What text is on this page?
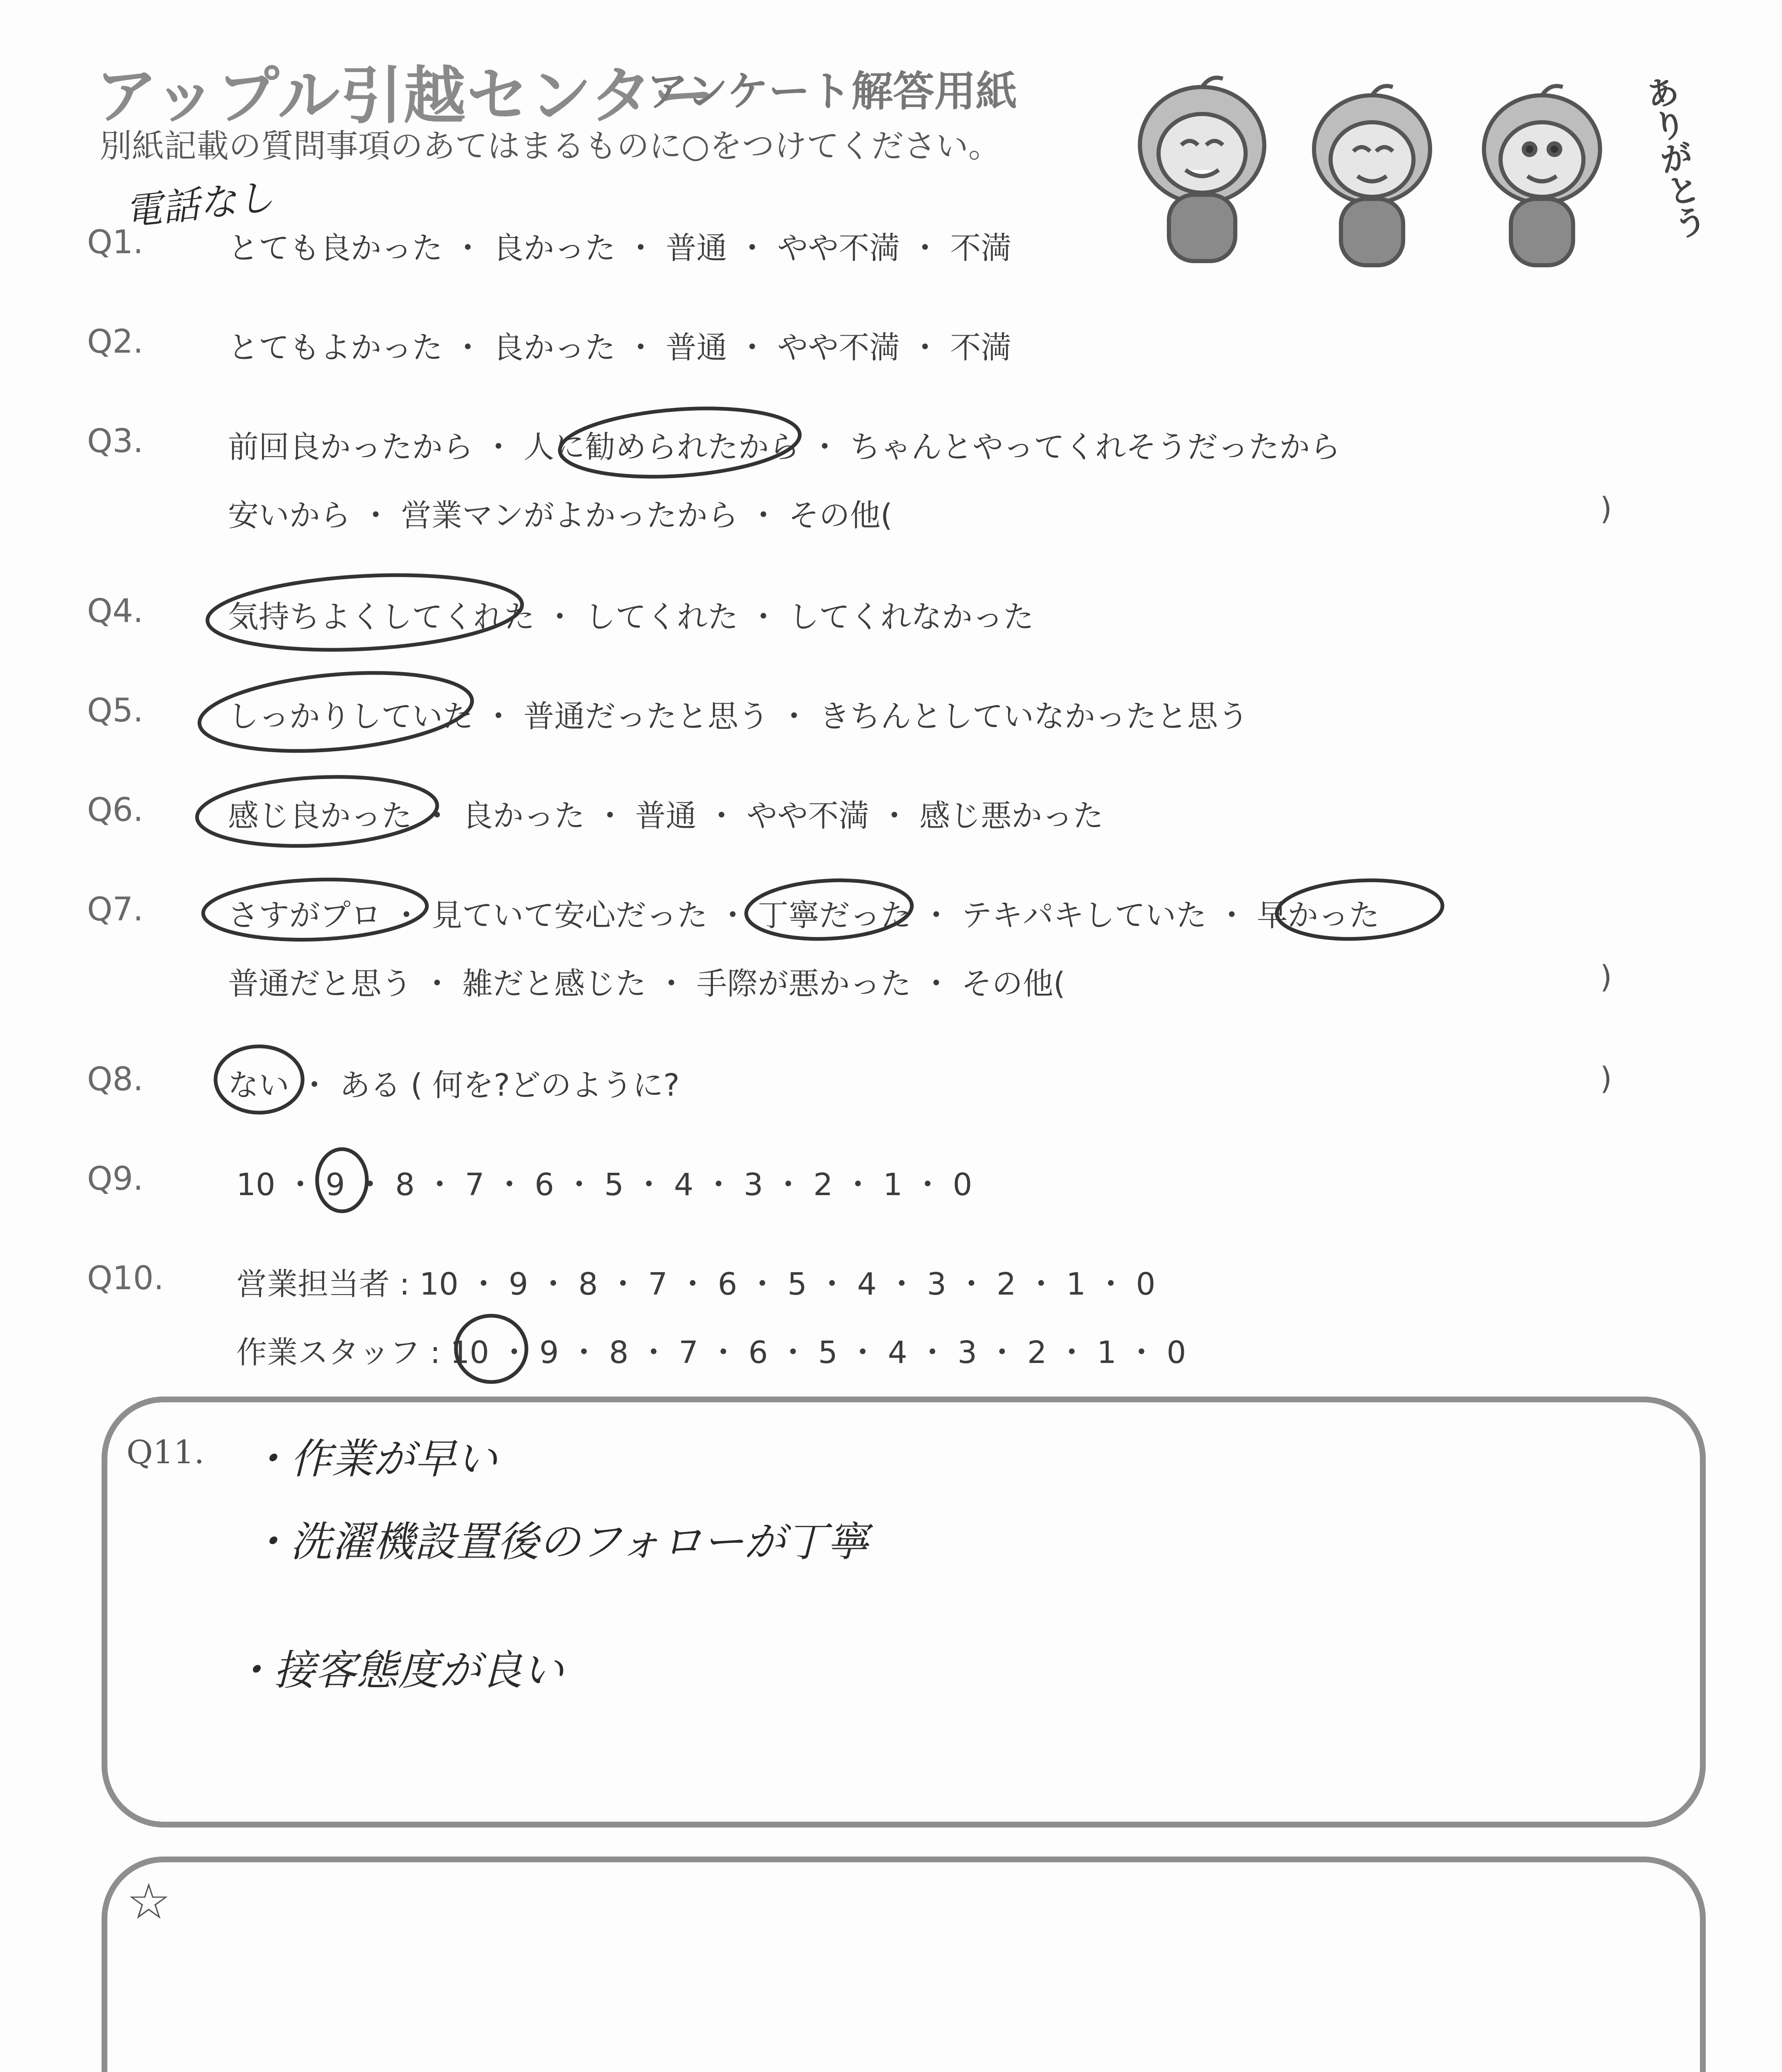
アップル引越センター
アンケート解答用紙
別紙記載の質問事項のあてはまるものに○をつけてください。	ありがとう
電話なし
Q1.	とても良かった ・ 良かった ・ 普通 ・ やや不満 ・ 不満
Q2.	とてもよかった ・ 良かった ・ 普通 ・ やや不満 ・ 不満
Q3.	前回良かったから ・ 人に勧められたから ・ ちゃんとやってくれそうだったから
安いから ・ 営業マンがよかったから ・ その他(	)
Q4.	気持ちよくしてくれた ・ してくれた ・ してくれなかった
Q5.	しっかりしていた ・ 普通だったと思う ・ きちんとしていなかったと思う
Q6.	感じ良かった ・ 良かった ・ 普通 ・ やや不満 ・ 感じ悪かった
Q7.	さすがプロ ・ 見ていて安心だった ・ 丁寧だった ・ テキパキしていた ・ 早かった
普通だと思う ・ 雑だと感じた ・ 手際が悪かった ・ その他(	)
Q8.	ない ・ ある ( 何を?どのように?	)
Q9.	10 ・ 9 ・ 8 ・ 7 ・ 6 ・ 5 ・ 4 ・ 3 ・ 2 ・ 1 ・ 0
Q10. 営業担当者 : 10 ・ 9 ・ 8 ・ 7 ・ 6 ・ 5 ・ 4 ・ 3 ・ 2 ・ 1 ・ 0
作業スタッフ : 10 ・ 9 ・ 8 ・ 7 ・ 6 ・ 5 ・ 4 ・ 3 ・ 2 ・ 1 ・ 0
Q11. ・作業が早い
・洗濯機設置後のフォローが丁寧
・接客態度が良い
☆
